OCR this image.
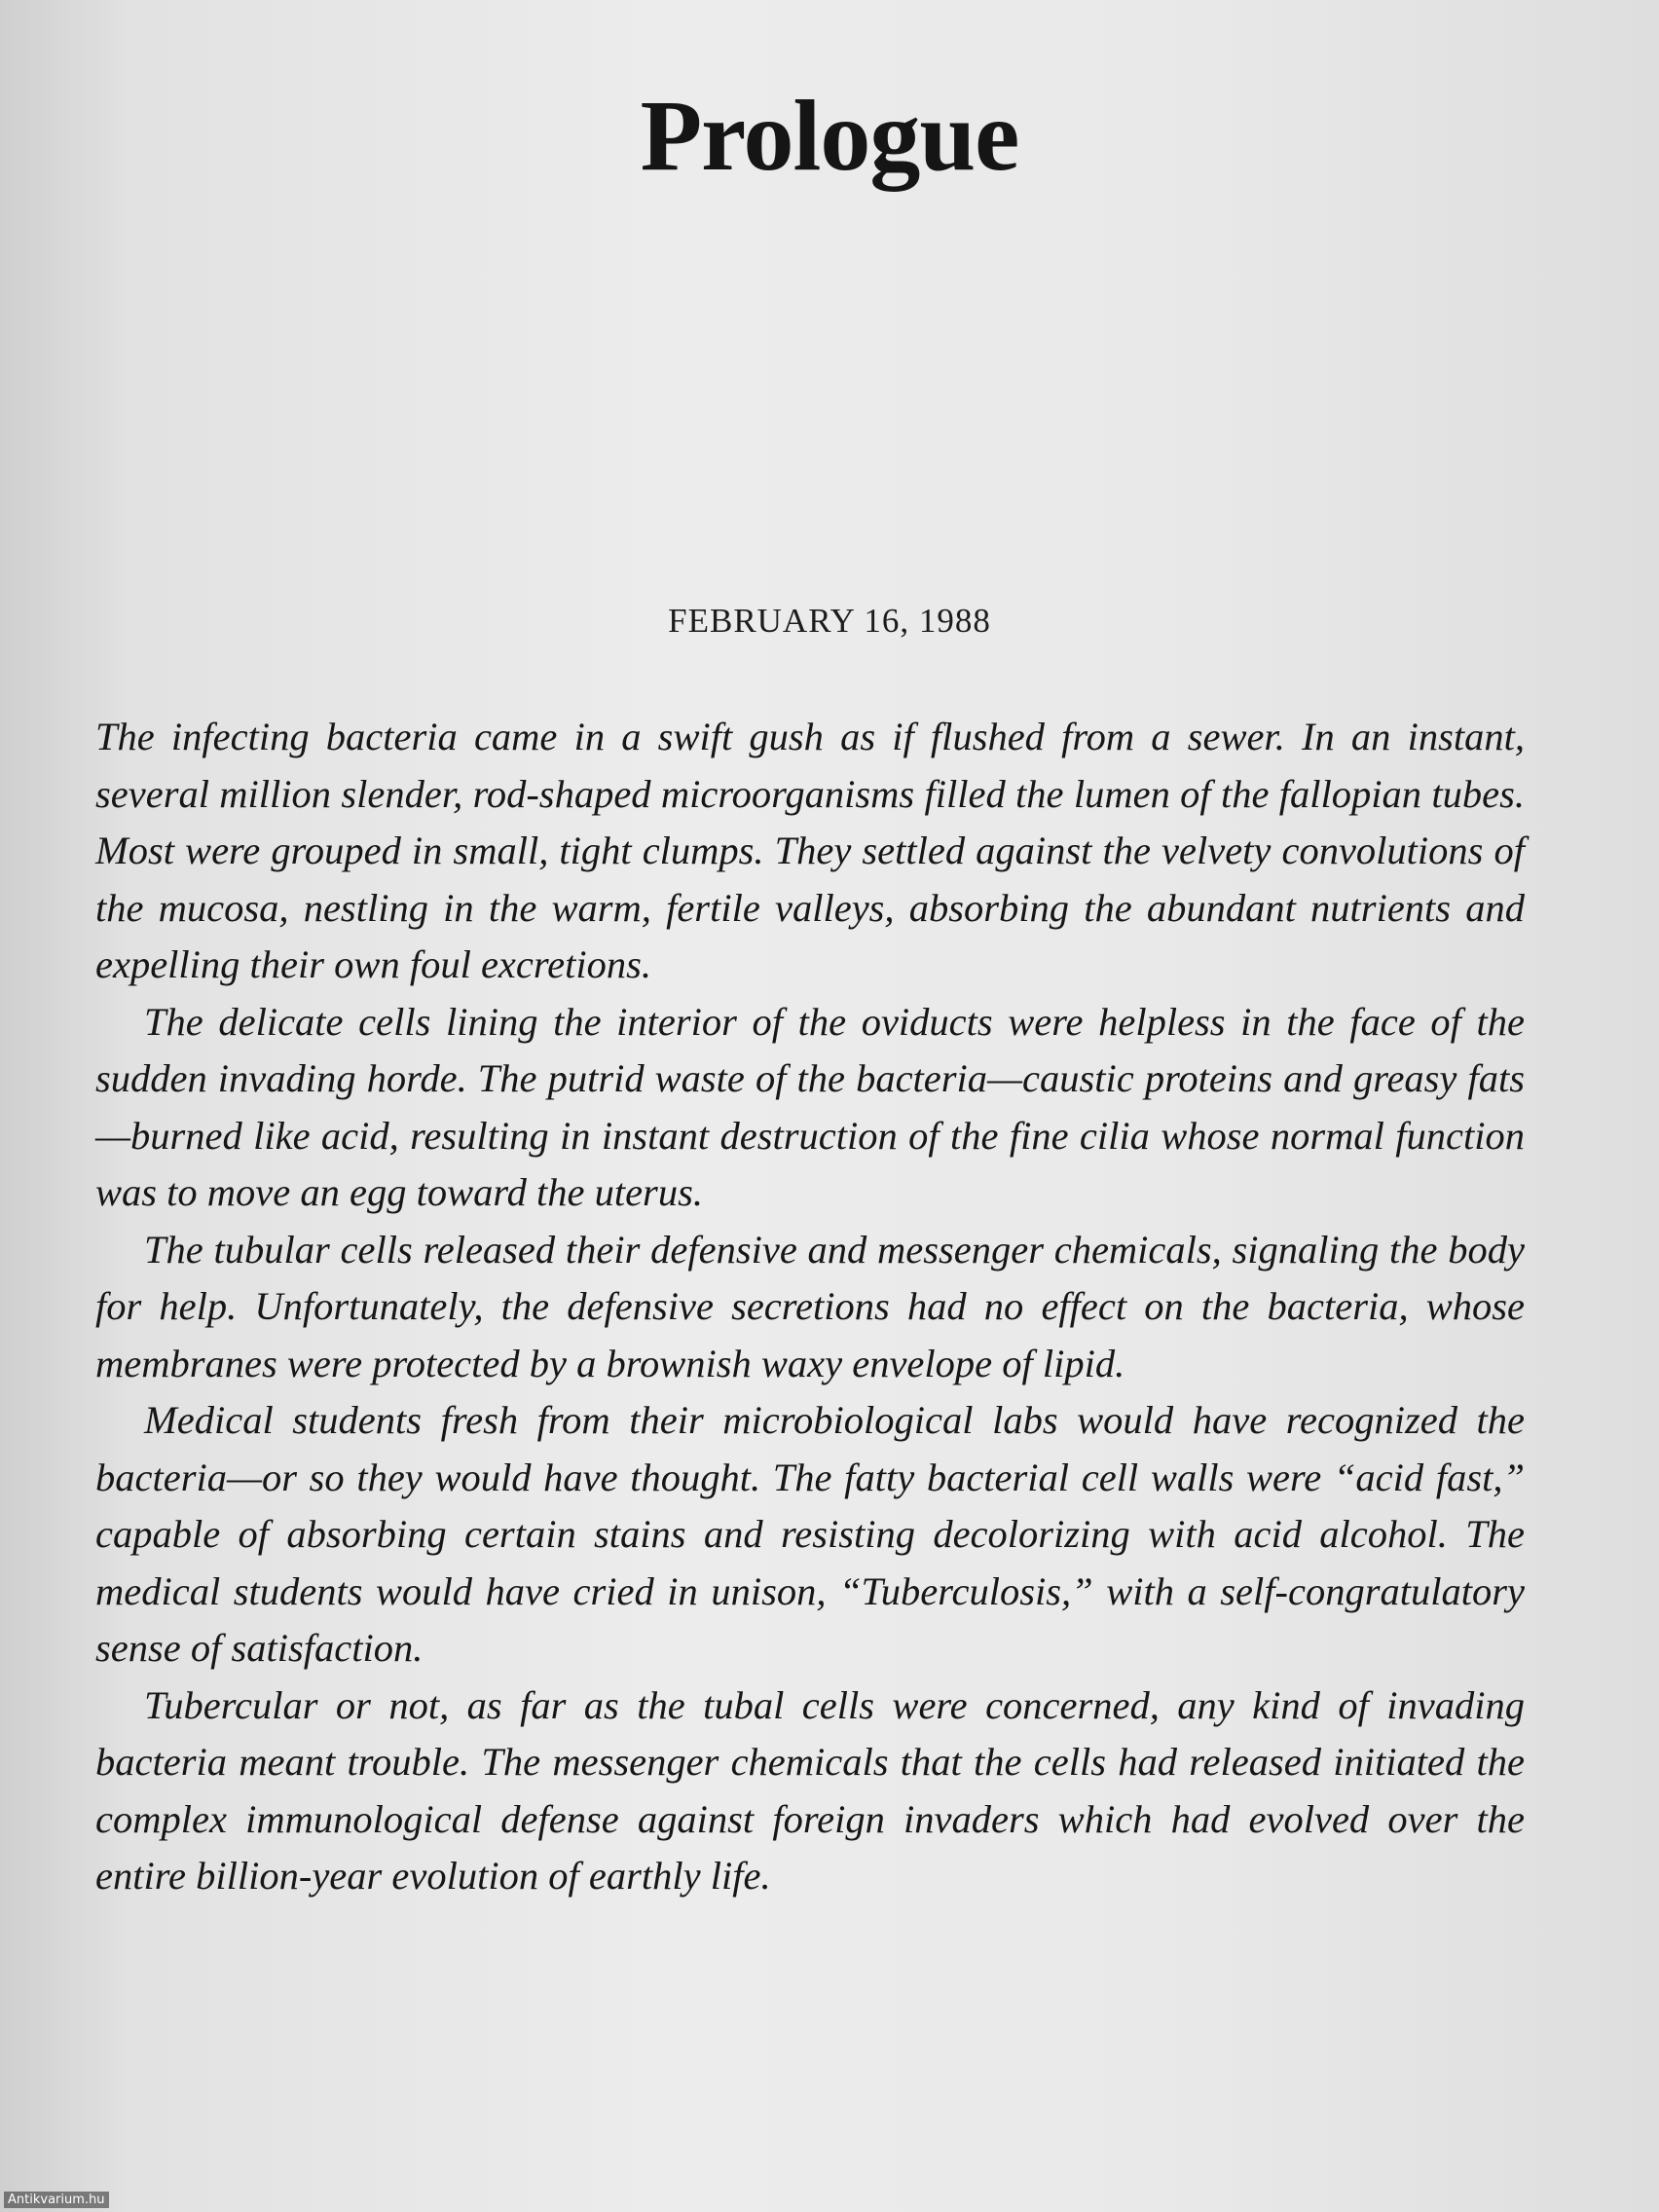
Prologue
FEBRUARY 16, 1988

The infecting bacteria came in a swift gush as if flushed from a sewer. In an instant, several million slender, rod-shaped microorganisms filled the lumen of the fallopian tubes. Most were grouped in small, tight clumps. They settled against the velvety convolutions of the mucosa, nestling in the warm, fertile valleys, absorbing the abundant nutrients and expelling their own foul excretions.

The delicate cells lining the interior of the oviducts were helpless in the face of the sudden invading horde. The putrid waste of the bacteria—caustic proteins and greasy fats—burned like acid, resulting in instant destruction of the fine cilia whose normal function was to move an egg toward the uterus.

The tubular cells released their defensive and messenger chemicals, signaling the body for help. Unfortunately, the defensive secretions had no effect on the bacteria, whose membranes were protected by a brownish waxy envelope of lipid.

Medical students fresh from their microbiological labs would have recognized the bacteria—or so they would have thought. The fatty bacterial cell walls were “acid fast,” capable of absorbing certain stains and resisting decolorizing with acid alcohol. The medical students would have cried in unison, “Tuberculosis,” with a self-congratulatory sense of satisfaction.

Tubercular or not, as far as the tubal cells were concerned, any kind of invading bacteria meant trouble. The messenger chemicals that the cells had released initiated the complex immunological defense against foreign invaders which had evolved over the entire billion-year evolution of earthly life.

Antikvarium.hu
